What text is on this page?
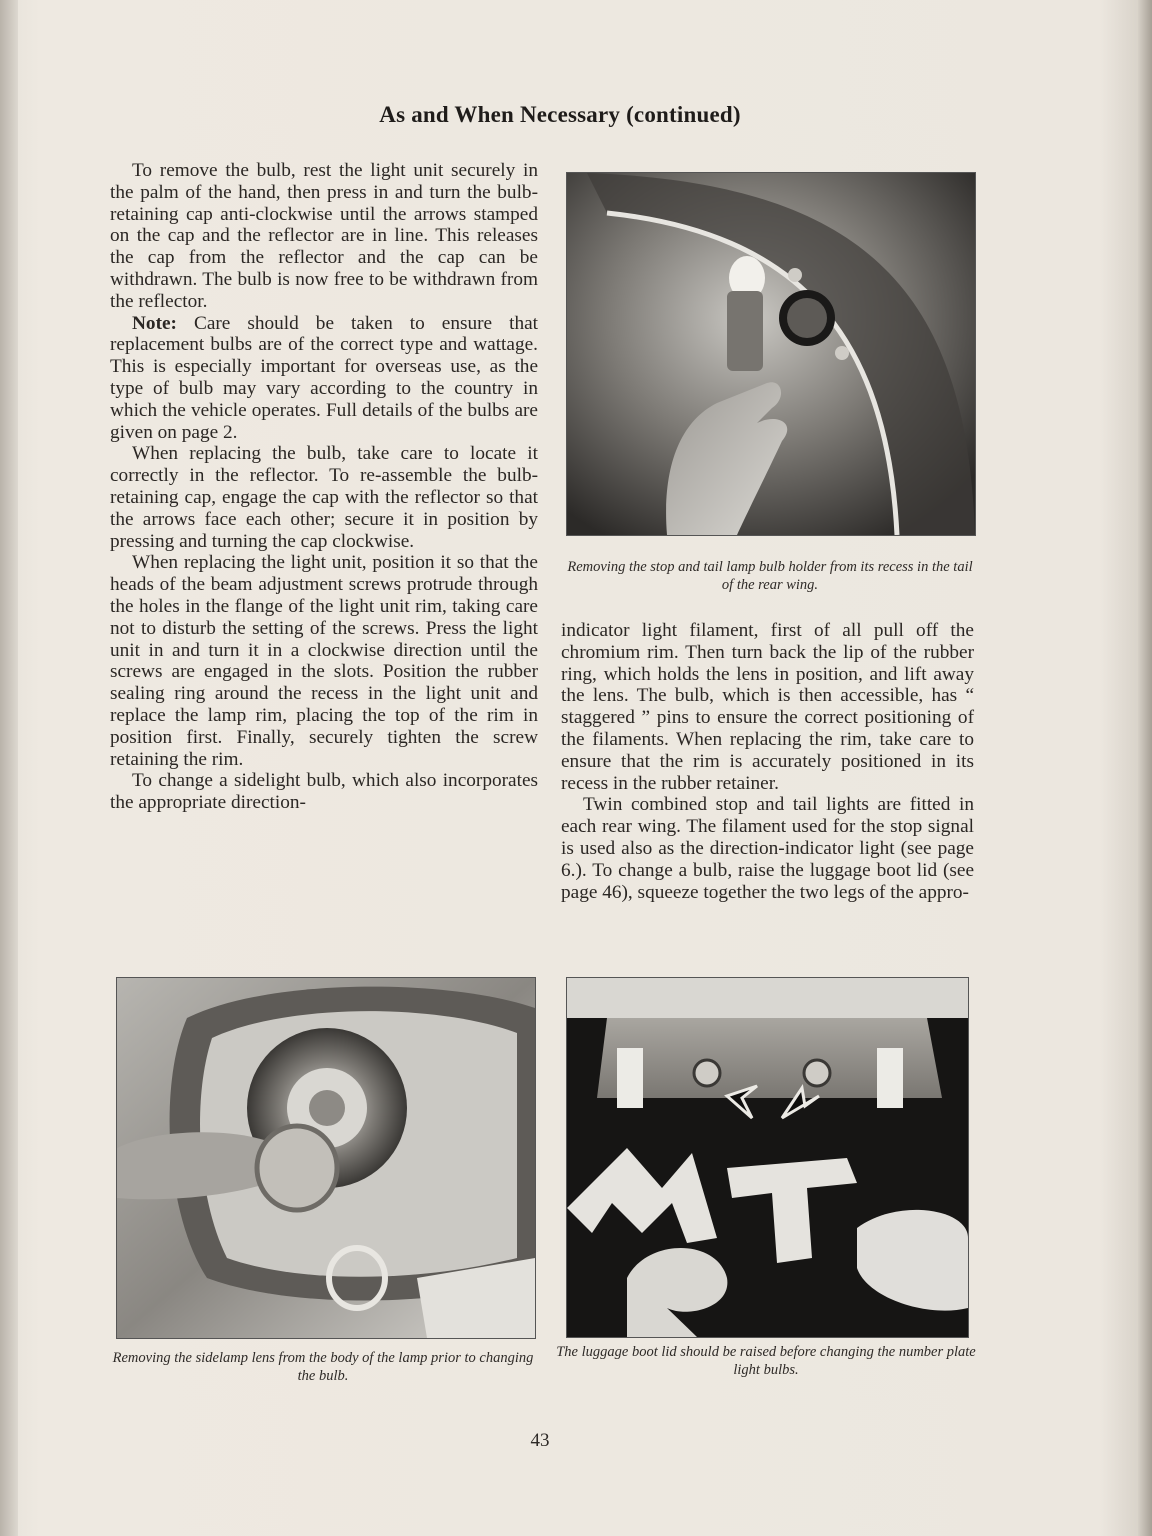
As and When Necessary (continued)

To remove the bulb, rest the light unit securely in the palm of the hand, then press in and turn the bulb-retaining cap anti-clockwise until the arrows stamped on the cap and the reflector are in line. This releases the cap from the reflector and the cap can be withdrawn. The bulb is now free to be withdrawn from the reflector.

Note: Care should be taken to ensure that replacement bulbs are of the correct type and wattage. This is especially important for overseas use, as the type of bulb may vary according to the country in which the vehicle operates. Full details of the bulbs are given on page 2.

When replacing the bulb, take care to locate it correctly in the reflector. To re-assemble the bulb-retaining cap, engage the cap with the reflector so that the arrows face each other; secure it in position by pressing and turning the cap clockwise.

When replacing the light unit, position it so that the heads of the beam adjustment screws protrude through the holes in the flange of the light unit rim, taking care not to disturb the setting of the screws. Press the light unit in and turn it in a clockwise direction until the screws are engaged in the slots. Position the rubber sealing ring around the recess in the light unit and replace the lamp rim, placing the top of the rim in position first. Finally, securely tighten the screw retaining the rim.

To change a sidelight bulb, which also incorporates the appropriate direction-

Removing the stop and tail lamp bulb holder from its recess in the tail of the rear wing.

indicator light filament, first of all pull off the chromium rim. Then turn back the lip of the rubber ring, which holds the lens in position, and lift away the lens. The bulb, which is then accessible, has “ staggered ” pins to ensure the correct positioning of the filaments. When replacing the rim, take care to ensure that the rim is accurately positioned in its recess in the rubber retainer.

Twin combined stop and tail lights are fitted in each rear wing. The filament used for the stop signal is used also as the direction-indicator light (see page 6.). To change a bulb, raise the luggage boot lid (see page 46), squeeze together the two legs of the appro-

Removing the sidelamp lens from the body of the lamp prior to changing the bulb.
The luggage boot lid should be raised before changing the number plate light bulbs.
43
